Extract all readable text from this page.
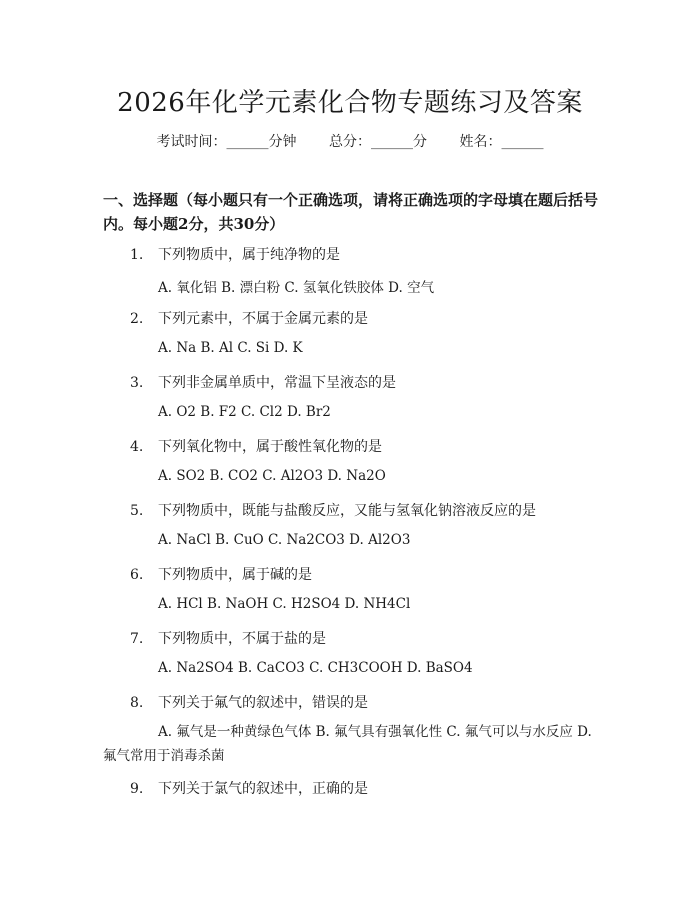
2026年化学元素化合物专题练习及答案
考试时间：______分钟 总分：______分 姓名：______
一、选择题（每小题只有一个正确选项，请将正确选项的字母填在题后括号内。每小题2分，共30分）
1. 下列物质中，属于纯净物的是
A. 氧化铝 B. 漂白粉 C. 氢氧化铁胶体 D. 空气
2. 下列元素中，不属于金属元素的是
A. Na B. Al C. Si D. K
3. 下列非金属单质中，常温下呈液态的是
A. O2 B. F2 C. Cl2 D. Br2
4. 下列氧化物中，属于酸性氧化物的是
A. SO2 B. CO2 C. Al2O3 D. Na2O
5. 下列物质中，既能与盐酸反应，又能与氢氧化钠溶液反应的是
A. NaCl B. CuO C. Na2CO3 D. Al2O3
6. 下列物质中，属于碱的是
A. HCl B. NaOH C. H2SO4 D. NH4Cl
7. 下列物质中，不属于盐的是
A. Na2SO4 B. CaCO3 C. CH3COOH D. BaSO4
8. 下列关于氟气的叙述中，错误的是
A. 氟气是一种黄绿色气体 B. 氟气具有强氧化性 C. 氟气可以与水反应 D. 氟气常用于消毒杀菌
9. 下列关于氯气的叙述中，正确的是
